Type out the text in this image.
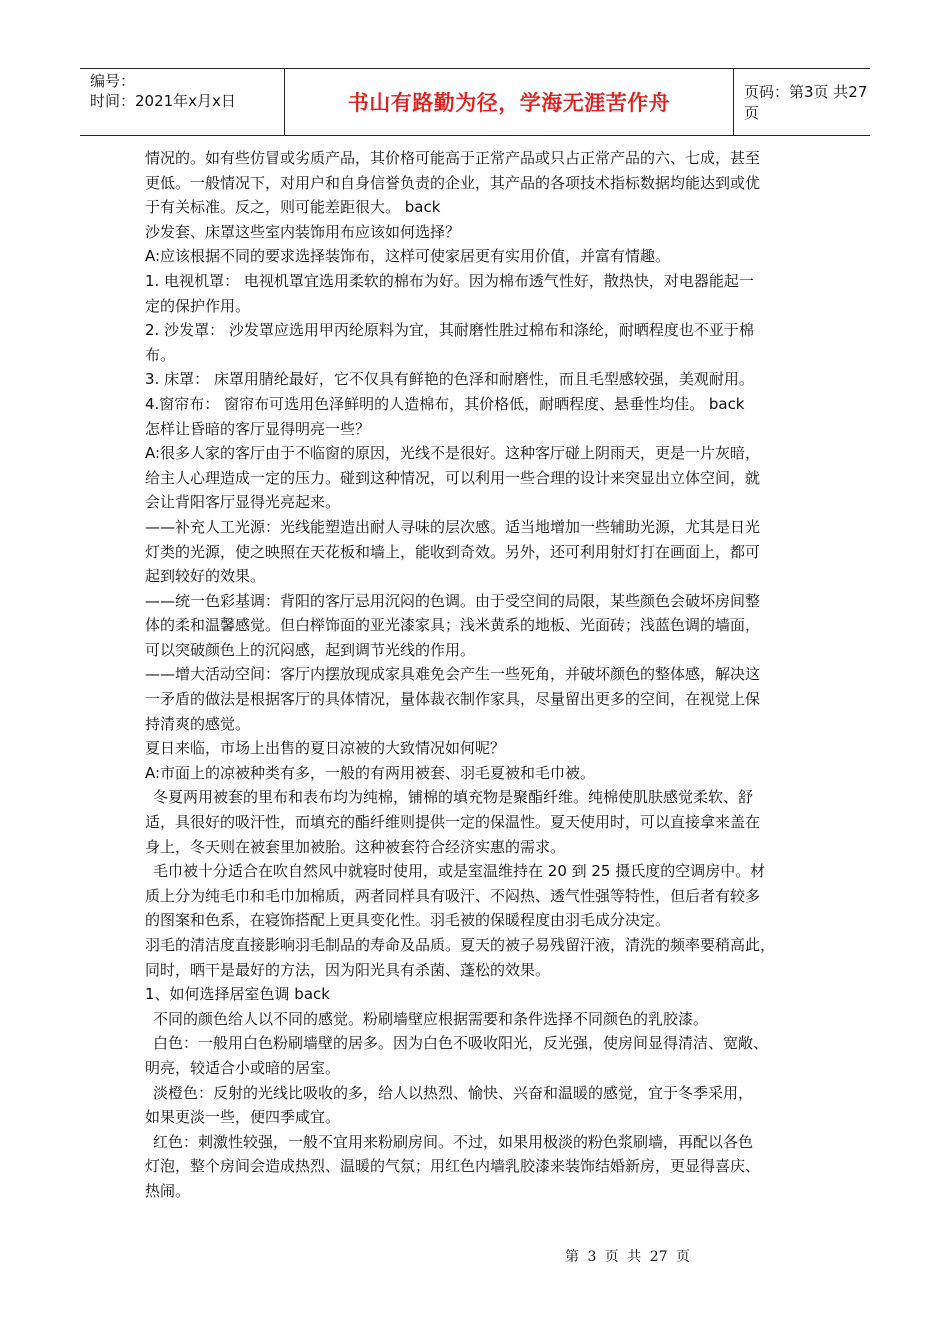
编号：
时间：2021年x月x日	书山有路勤为径，学海无涯苦作舟	页码：第3页 共27页

情况的。如有些仿冒或劣质产品，其价格可能高于正常产品或只占正常产品的六、七成，甚至

更低。一般情况下，对用户和自身信誉负责的企业，其产品的各项技术指标数据均能达到或优

于有关标准。反之，则可能差距很大。 back

沙发套、床罩这些室内装饰用布应该如何选择？

A:应该根据不同的要求选择装饰布，这样可使家居更有实用价值，并富有情趣。

1. 电视机罩： 电视机罩宜选用柔软的棉布为好。因为棉布透气性好，散热快，对电器能起一

定的保护作用。

2. 沙发罩： 沙发罩应选用甲丙纶原料为宜，其耐磨性胜过棉布和涤纶，耐晒程度也不亚于棉

布。

3. 床罩： 床罩用腈纶最好，它不仅具有鲜艳的色泽和耐磨性，而且毛型感较强，美观耐用。

4.窗帘布： 窗帘布可选用色泽鲜明的人造棉布，其价格低，耐晒程度、悬垂性均佳。 back

怎样让昏暗的客厅显得明亮一些？

A:很多人家的客厅由于不临窗的原因，光线不是很好。这种客厅碰上阴雨天，更是一片灰暗，

给主人心理造成一定的压力。碰到这种情况，可以利用一些合理的设计来突显出立体空间，就

会让背阳客厅显得光亮起来。

——补充人工光源：光线能塑造出耐人寻味的层次感。适当地增加一些辅助光源，尤其是日光

灯类的光源，使之映照在天花板和墙上，能收到奇效。另外，还可利用射灯打在画面上，都可

起到较好的效果。

——统一色彩基调：背阳的客厅忌用沉闷的色调。由于受空间的局限，某些颜色会破坏房间整

体的柔和温馨感觉。但白榉饰面的亚光漆家具；浅米黄系的地板、光面砖；浅蓝色调的墙面，

可以突破颜色上的沉闷感，起到调节光线的作用。

——增大活动空间：客厅内摆放现成家具难免会产生一些死角，并破坏颜色的整体感，解决这

一矛盾的做法是根据客厅的具体情况，量体裁衣制作家具，尽量留出更多的空间，在视觉上保

持清爽的感觉。

夏日来临，市场上出售的夏日凉被的大致情况如何呢？

A:市面上的凉被种类有多，一般的有两用被套、羽毛夏被和毛巾被。

冬夏两用被套的里布和表布均为纯棉，铺棉的填充物是聚酯纤维。纯棉使肌肤感觉柔软、舒

适，具很好的吸汗性，而填充的酯纤维则提供一定的保温性。夏天使用时，可以直接拿来盖在

身上，冬天则在被套里加被胎。这种被套符合经济实惠的需求。

毛巾被十分适合在吹自然风中就寝时使用，或是室温维持在 20 到 25 摄氏度的空调房中。材

质上分为纯毛巾和毛巾加棉质，两者同样具有吸汗、不闷热、透气性强等特性，但后者有较多

的图案和色系，在寝饰搭配上更具变化性。羽毛被的保暖程度由羽毛成分决定。

羽毛的清洁度直接影响羽毛制品的寿命及品质。夏天的被子易残留汗液，清洗的频率要稍高此，

同时，晒干是最好的方法，因为阳光具有杀菌、蓬松的效果。

1、如何选择居室色调 back

不同的颜色给人以不同的感觉。粉刷墙壁应根据需要和条件选择不同颜色的乳胶漆。

白色：一般用白色粉刷墙壁的居多。因为白色不吸收阳光，反光强，使房间显得清洁、宽敞、

明亮，较适合小或暗的居室。

淡橙色：反射的光线比吸收的多，给人以热烈、愉快、兴奋和温暖的感觉，宜于冬季采用，

如果更淡一些，便四季咸宜。

红色：刺激性较强，一般不宜用来粉刷房间。不过，如果用极淡的粉色浆刷墙，再配以各色

灯泡，整个房间会造成热烈、温暖的气氛；用红色内墙乳胶漆来装饰结婚新房，更显得喜庆、

热闹。

第 3 页 共 27 页
